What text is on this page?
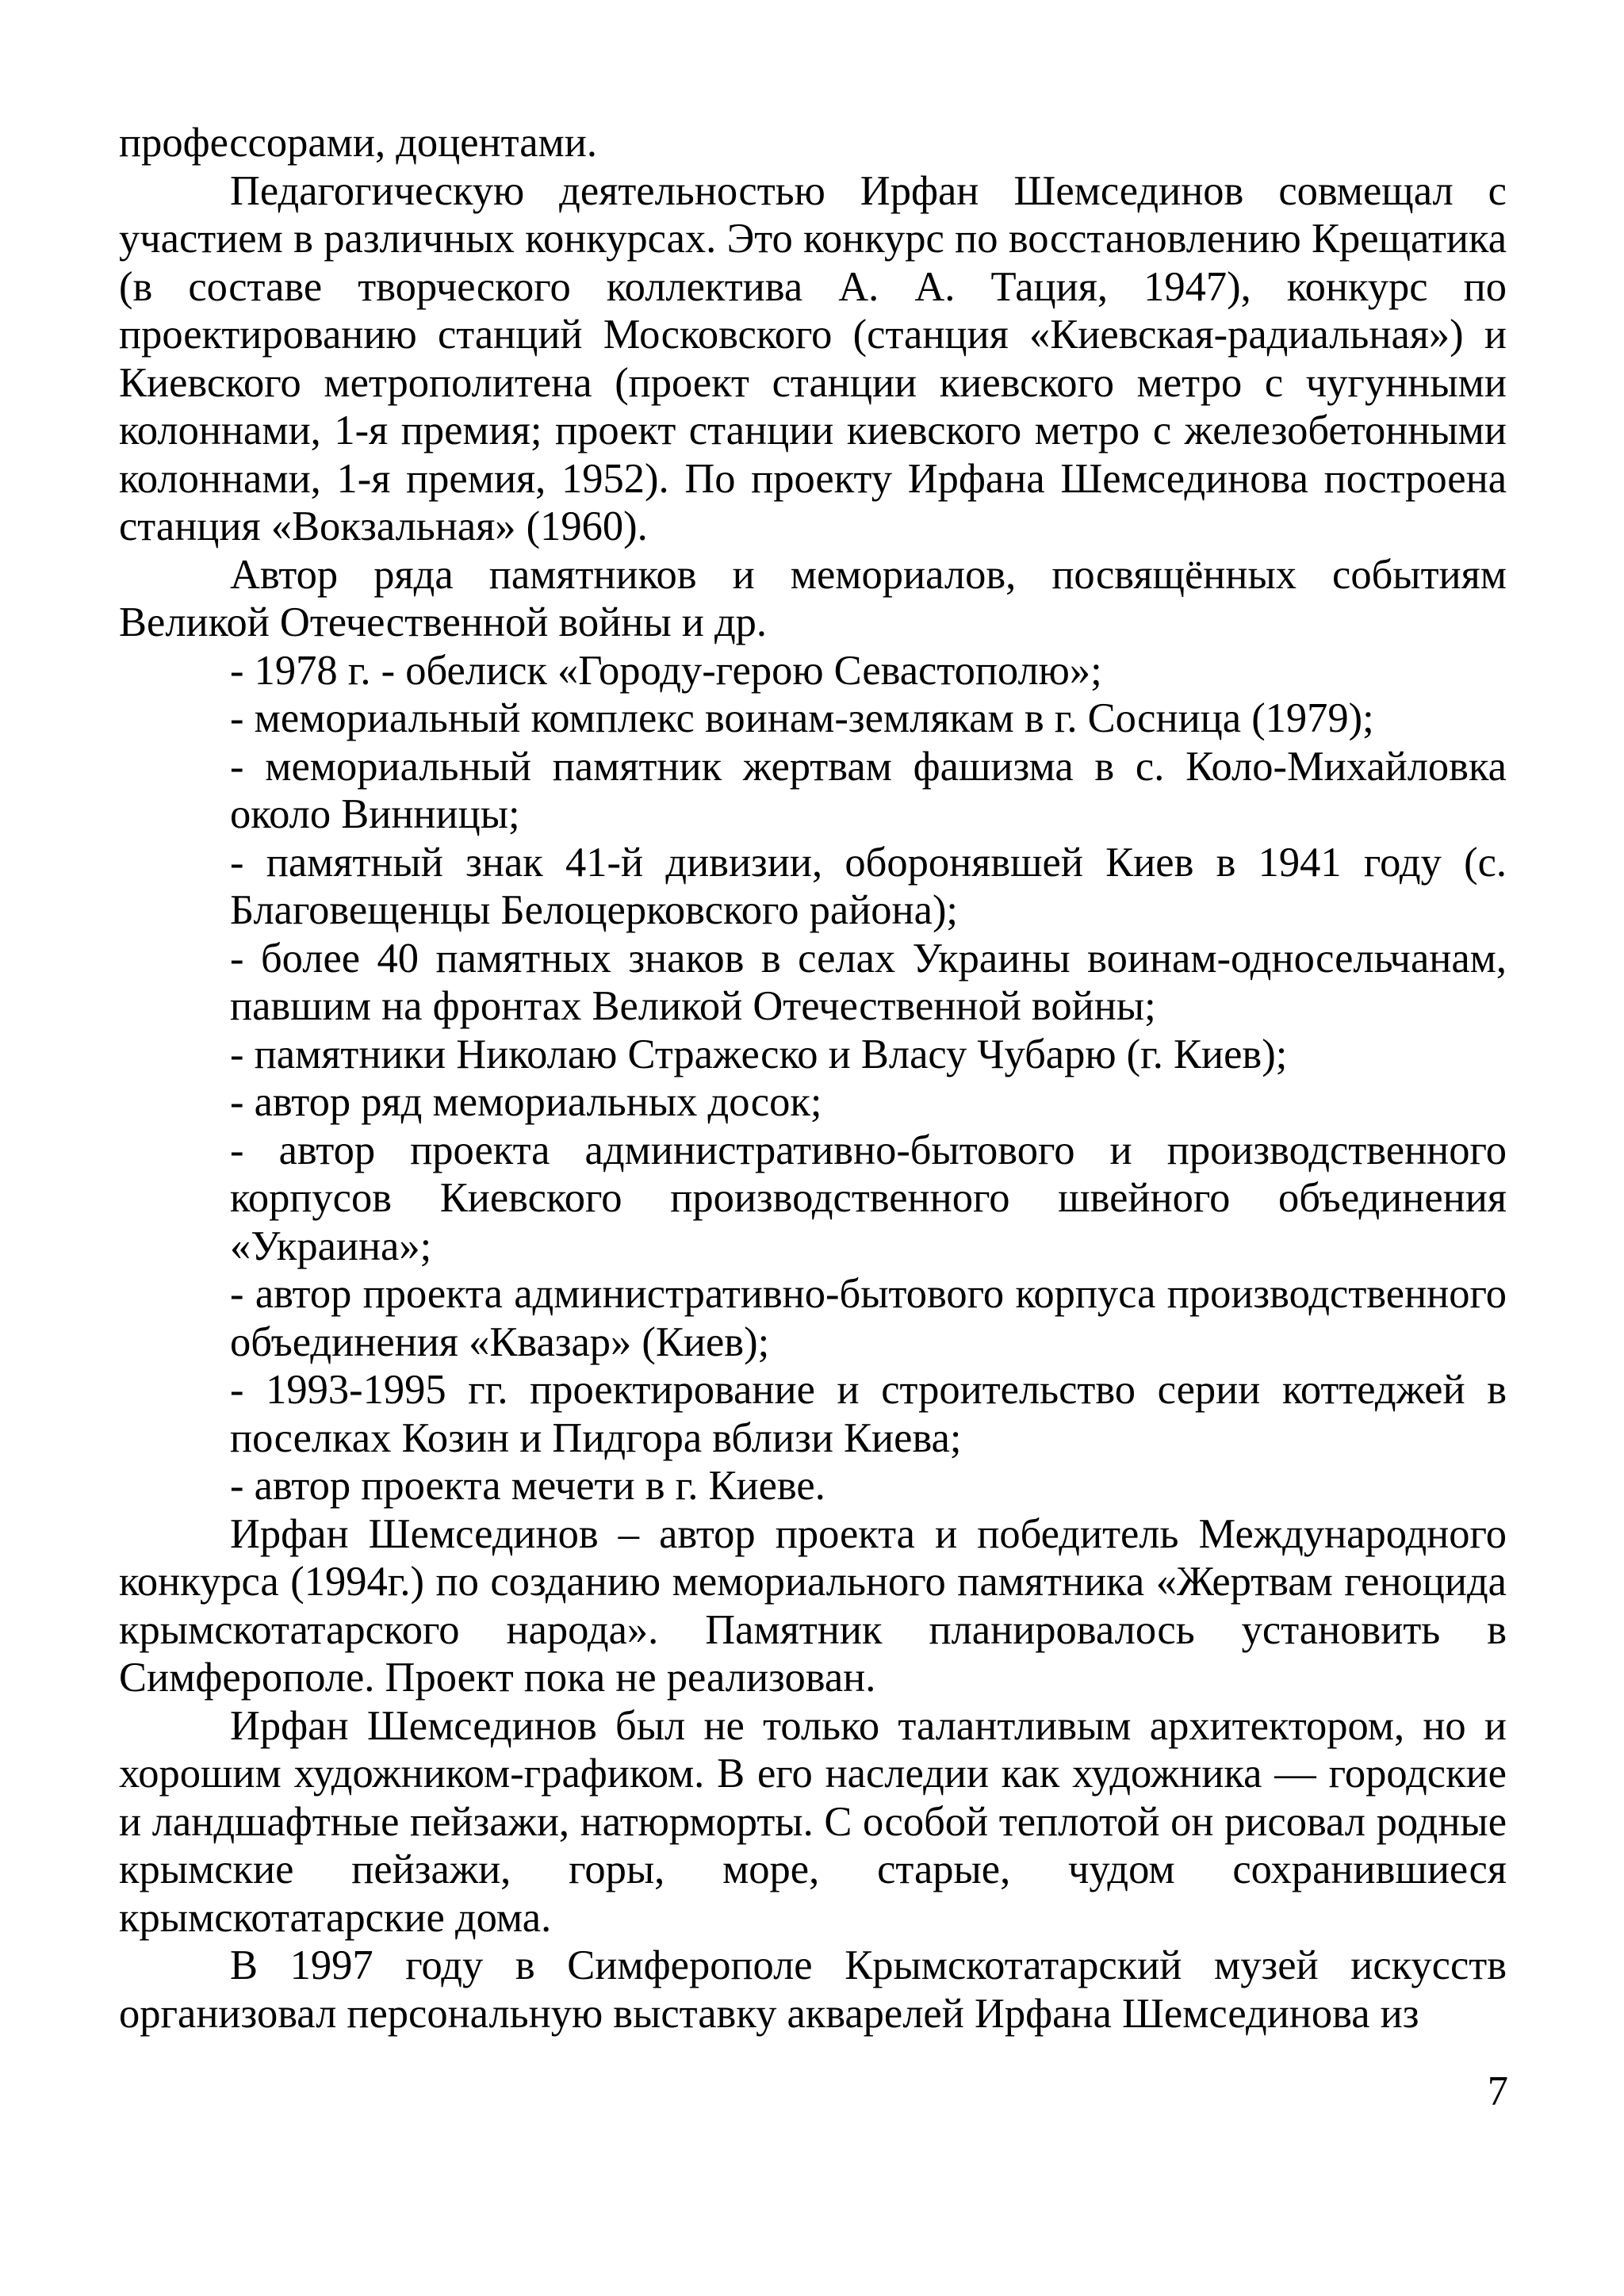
профессорами, доцентами.

Педагогическую деятельностью Ирфан Шемсединов совмещал с участием в различных конкурсах. Это конкурс по восстановлению Крещатика (в составе творческого коллектива А. А. Тация, 1947), конкурс по проектированию станций Московского (станция «Киевская-радиальная») и Киевского метрополитена (проект станции киевского метро с чугунными колоннами, 1-я премия; проект станции киевского метро с железобетонными колоннами, 1-я премия, 1952). По проекту Ирфана Шемсединова построена станция «Вокзальная» (1960).

Автор ряда памятников и мемориалов, посвящённых событиям Великой Отечественной войны и др.

- 1978 г. - обелиск «Городу-герою Севастополю»;

- мемориальный комплекс воинам-землякам в г. Сосница (1979);

- мемориальный памятник жертвам фашизма в с. Коло-Михайловка около Винницы;

- памятный знак 41-й дивизии, оборонявшей Киев в 1941 году (с. Благовещенцы Белоцерковского района);

- более 40 памятных знаков в селах Украины воинам-односельчанам, павшим на фронтах Великой Отечественной войны;

- памятники Николаю Стражеско и Власу Чубарю (г. Киев);

- автор ряд мемориальных досок;

- автор проекта административно-бытового и производственного корпусов Киевского производственного швейного объединения «Украина»;

- автор проекта административно-бытового корпуса производственного объединения «Квазар» (Киев);

- 1993-1995 гг. проектирование и строительство серии коттеджей в поселках Козин и Пидгора вблизи Киева;

- автор проекта мечети в г. Киеве.

Ирфан Шемсединов – автор проекта и победитель Международного конкурса (1994г.) по созданию мемориального памятника «Жертвам геноцида крымскотатарского народа». Памятник планировалось установить в Симферополе. Проект пока не реализован.

Ирфан Шемсединов был не только талантливым архитектором, но и хорошим художником-графиком. В его наследии как художника — городские и ландшафтные пейзажи, натюрморты. С особой теплотой он рисовал родные крымские пейзажи, горы, море, старые, чудом сохранившиеся крымскотатарские дома.

В 1997 году в Симферополе Крымскотатарский музей искусств организовал персональную выставку акварелей Ирфана Шемсединова из

7
